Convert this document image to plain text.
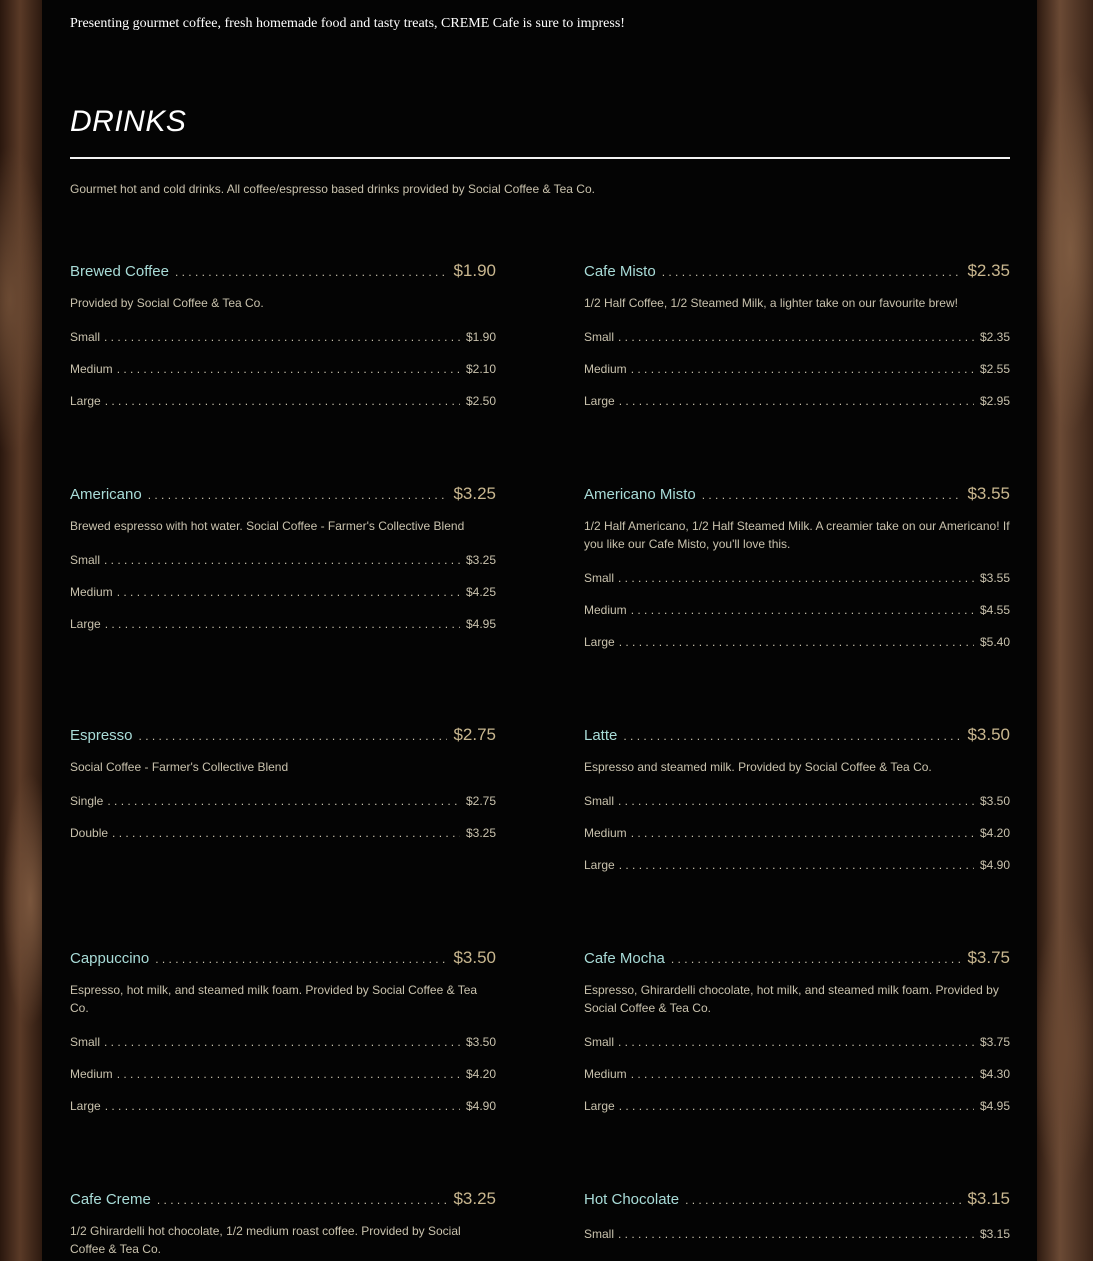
Presenting gourmet coffee, fresh homemade food and tasty treats, CREME Cafe is sure to impress!
DRINKS
Gourmet hot and cold drinks. All coffee/espresso based drinks provided by Social Coffee & Tea Co.
Brewed Coffee . . .	$1.90
Provided by Social Coffee & Tea Co.
Small . . .	$1.90
Medium . . .	$2.10
Large . . .	$2.50
Cafe Misto . . .	$2.35
1/2 Half Coffee, 1/2 Steamed Milk, a lighter take on our favourite brew!
Small . . .	$2.35
Medium . . .	$2.55
Large . . .	$2.95
Americano . . .	$3.25
Brewed espresso with hot water. Social Coffee - Farmer's Collective Blend
Small . . .	$3.25
Medium . . .	$4.25
Large . . .	$4.95
Americano Misto . . .	$3.55
1/2 Half Americano, 1/2 Half Steamed Milk. A creamier take on our Americano! If you like our Cafe Misto, you'll love this.
Small . . .	$3.55
Medium . . .	$4.55
Large . . .	$5.40
Espresso . . .	$2.75
Social Coffee - Farmer's Collective Blend
Single . . .	$2.75
Double . . .	$3.25
Latte . . .	$3.50
Espresso and steamed milk. Provided by Social Coffee & Tea Co.
Small . . .	$3.50
Medium . . .	$4.20
Large . . .	$4.90
Cappuccino . . .	$3.50
Espresso, hot milk, and steamed milk foam. Provided by Social Coffee & Tea Co.
Small . . .	$3.50
Medium . . .	$4.20
Large . . .	$4.90
Cafe Mocha . . .	$3.75
Espresso, Ghirardelli chocolate, hot milk, and steamed milk foam. Provided by Social Coffee & Tea Co.
Small . . .	$3.75
Medium . . .	$4.30
Large . . .	$4.95
Cafe Creme . . .	$3.25
1/2 Ghirardelli hot chocolate, 1/2 medium roast coffee. Provided by Social Coffee & Tea Co.
Hot Chocolate . . .	$3.15
Small . . .	$3.15
